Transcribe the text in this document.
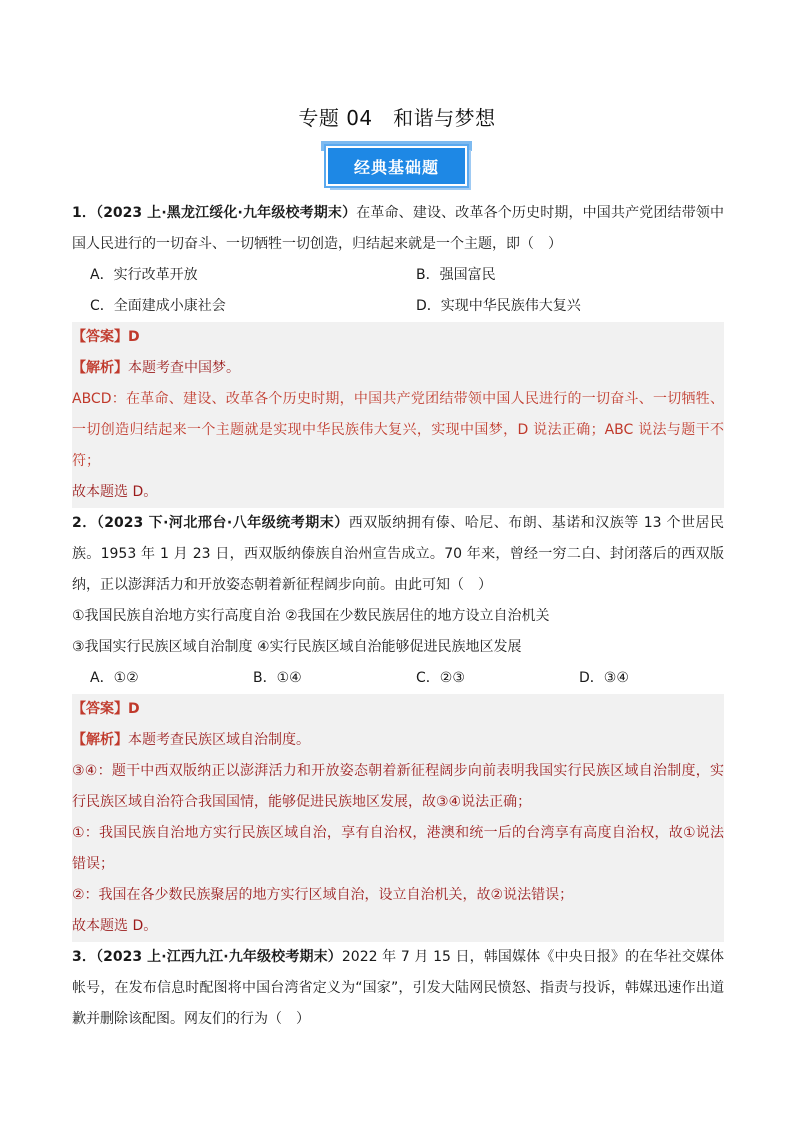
专题 04　和谐与梦想
经典基础题
1．（2023 上·黑龙江绥化·九年级校考期末）在革命、建设、改革各个历史时期，中国共产党团结带领中国人民进行的一切奋斗、一切牺牲一切创造，归结起来就是一个主题，即（　）
A．实行改革开放	B．强国富民
C．全面建成小康社会	D．实现中华民族伟大复兴
【答案】D
【解析】本题考查中国梦。
ABCD：在革命、建设、改革各个历史时期，中国共产党团结带领中国人民进行的一切奋斗、一切牺牲、一切创造归结起来一个主题就是实现中华民族伟大复兴，实现中国梦，D 说法正确；ABC 说法与题干不符；
故本题选 D。
2．（2023 下·河北邢台·八年级统考期末）西双版纳拥有傣、哈尼、布朗、基诺和汉族等 13 个世居民族。1953 年 1 月 23 日，西双版纳傣族自治州宣告成立。70 年来，曾经一穷二白、封闭落后的西双版纳，正以澎湃活力和开放姿态朝着新征程阔步向前。由此可知（　）
①我国民族自治地方实行高度自治 ②我国在少数民族居住的地方设立自治机关
③我国实行民族区域自治制度 ④实行民族区域自治能够促进民族地区发展
A．①②	B．①④	C．②③	D．③④
【答案】D
【解析】本题考查民族区域自治制度。
③④：题干中西双版纳正以澎湃活力和开放姿态朝着新征程阔步向前表明我国实行民族区域自治制度，实行民族区域自治符合我国国情，能够促进民族地区发展，故③④说法正确；
①：我国民族自治地方实行民族区域自治，享有自治权，港澳和统一后的台湾享有高度自治权，故①说法错误；
②：我国在各少数民族聚居的地方实行区域自治，设立自治机关，故②说法错误；
故本题选 D。
3．（2023 上·江西九江·九年级校考期末）2022 年 7 月 15 日，韩国媒体《中央日报》的在华社交媒体帐号，在发布信息时配图将中国台湾省定义为“国家”，引发大陆网民愤怒、指责与投诉，韩媒迅速作出道歉并删除该配图。网友们的行为（　）
